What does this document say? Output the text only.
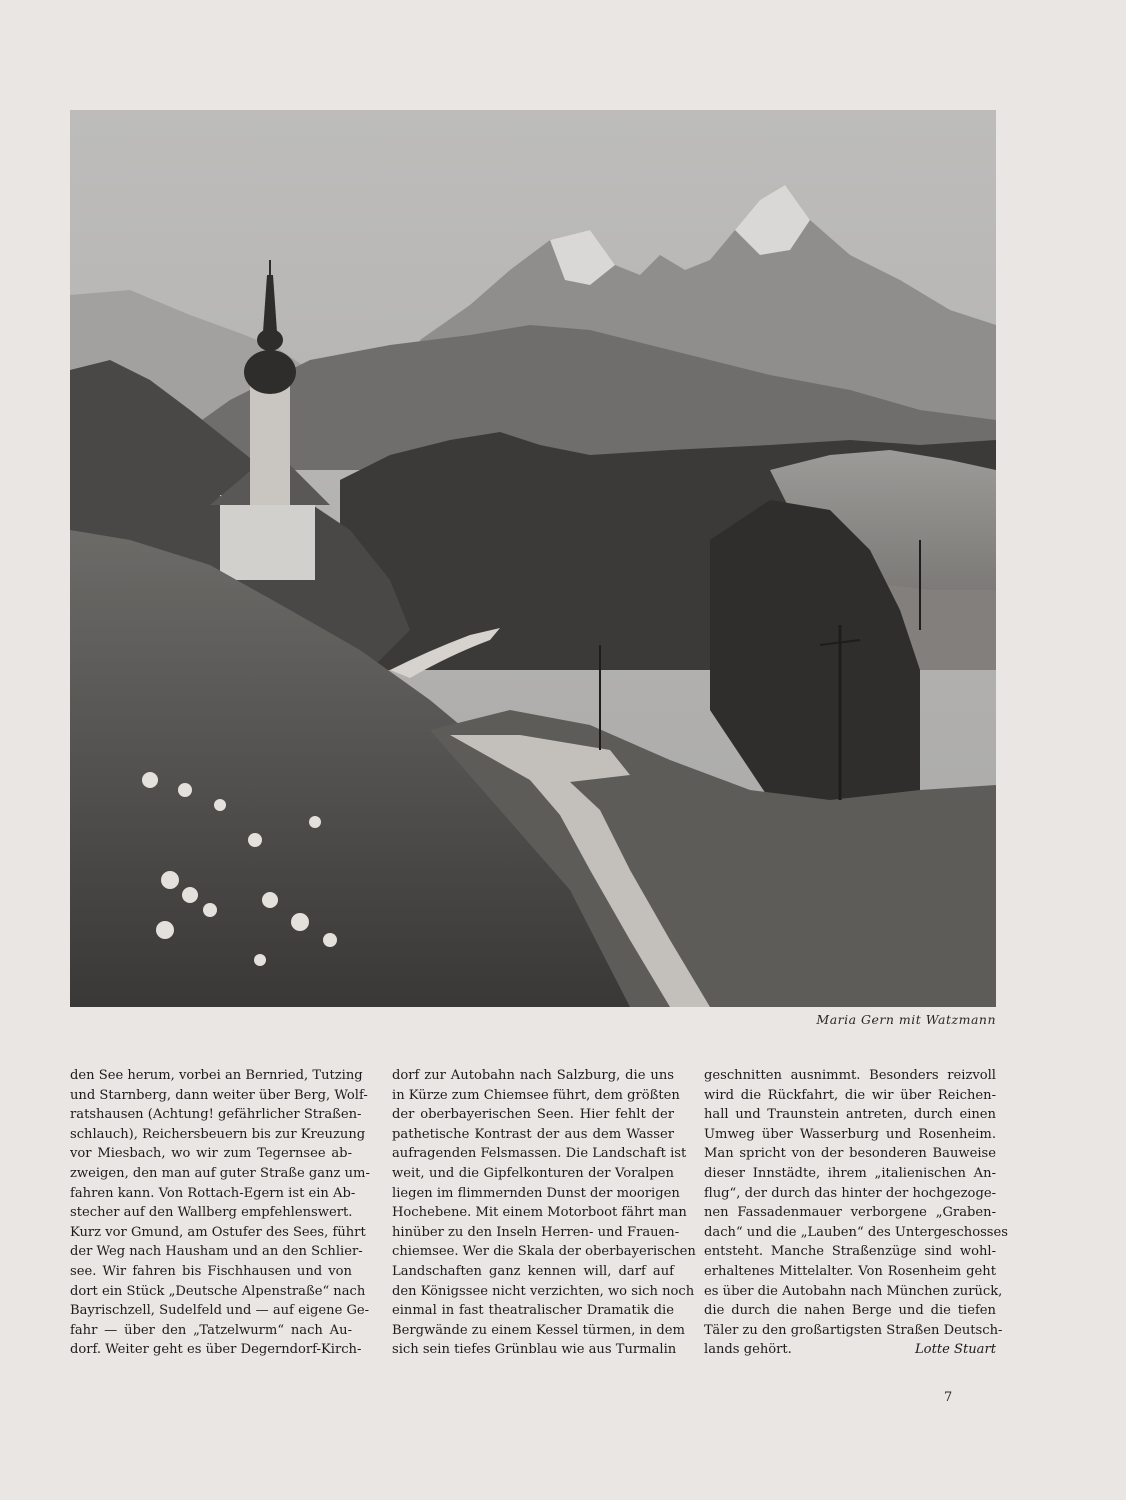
Maria Gern mit Watzmann
den See herum, vorbei an Bernried, Tutzing
und Starnberg, dann weiter über Berg, Wolf-
ratshausen (Achtung! gefährlicher Straßen-
schlauch), Reichersbeuern bis zur Kreuzung
vor Miesbach, wo wir zum Tegernsee ab-
zweigen, den man auf guter Straße ganz um-
fahren kann. Von Rottach-Egern ist ein Ab-
stecher auf den Wallberg empfehlenswert.
Kurz vor Gmund, am Ostufer des Sees, führt
der Weg nach Hausham und an den Schlier-
see. Wir fahren bis Fischhausen und von
dort ein Stück „Deutsche Alpenstraße“ nach
Bayrischzell, Sudelfeld und — auf eigene Ge-
fahr — über den „Tatzelwurm“ nach Au-
dorf. Weiter geht es über Degerndorf-Kirch-
dorf zur Autobahn nach Salzburg, die uns
in Kürze zum Chiemsee führt, dem größten
der oberbayerischen Seen. Hier fehlt der
pathetische Kontrast der aus dem Wasser
aufragenden Felsmassen. Die Landschaft ist
weit, und die Gipfelkonturen der Voralpen
liegen im flimmernden Dunst der moorigen
Hochebene. Mit einem Motorboot fährt man
hinüber zu den Inseln Herren- und Frauen-
chiemsee. Wer die Skala der oberbayerischen
Landschaften ganz kennen will, darf auf
den Königssee nicht verzichten, wo sich noch
einmal in fast theatralischer Dramatik die
Bergwände zu einem Kessel türmen, in dem
sich sein tiefes Grünblau wie aus Turmalin
geschnitten ausnimmt. Besonders reizvoll
wird die Rückfahrt, die wir über Reichen-
hall und Traunstein antreten, durch einen
Umweg über Wasserburg und Rosenheim.
Man spricht von der besonderen Bauweise
dieser Innstädte, ihrem „italienischen An-
flug“, der durch das hinter der hochgezoge-
nen Fassadenmauer verborgene „Graben-
dach“ und die „Lauben“ des Untergeschosses
entsteht. Manche Straßenzüge sind wohl-
erhaltenes Mittelalter. Von Rosenheim geht
es über die Autobahn nach München zurück,
die durch die nahen Berge und die tiefen
Täler zu den großartigsten Straßen Deutsch-
lands gehört.	Lotte Stuart
7
